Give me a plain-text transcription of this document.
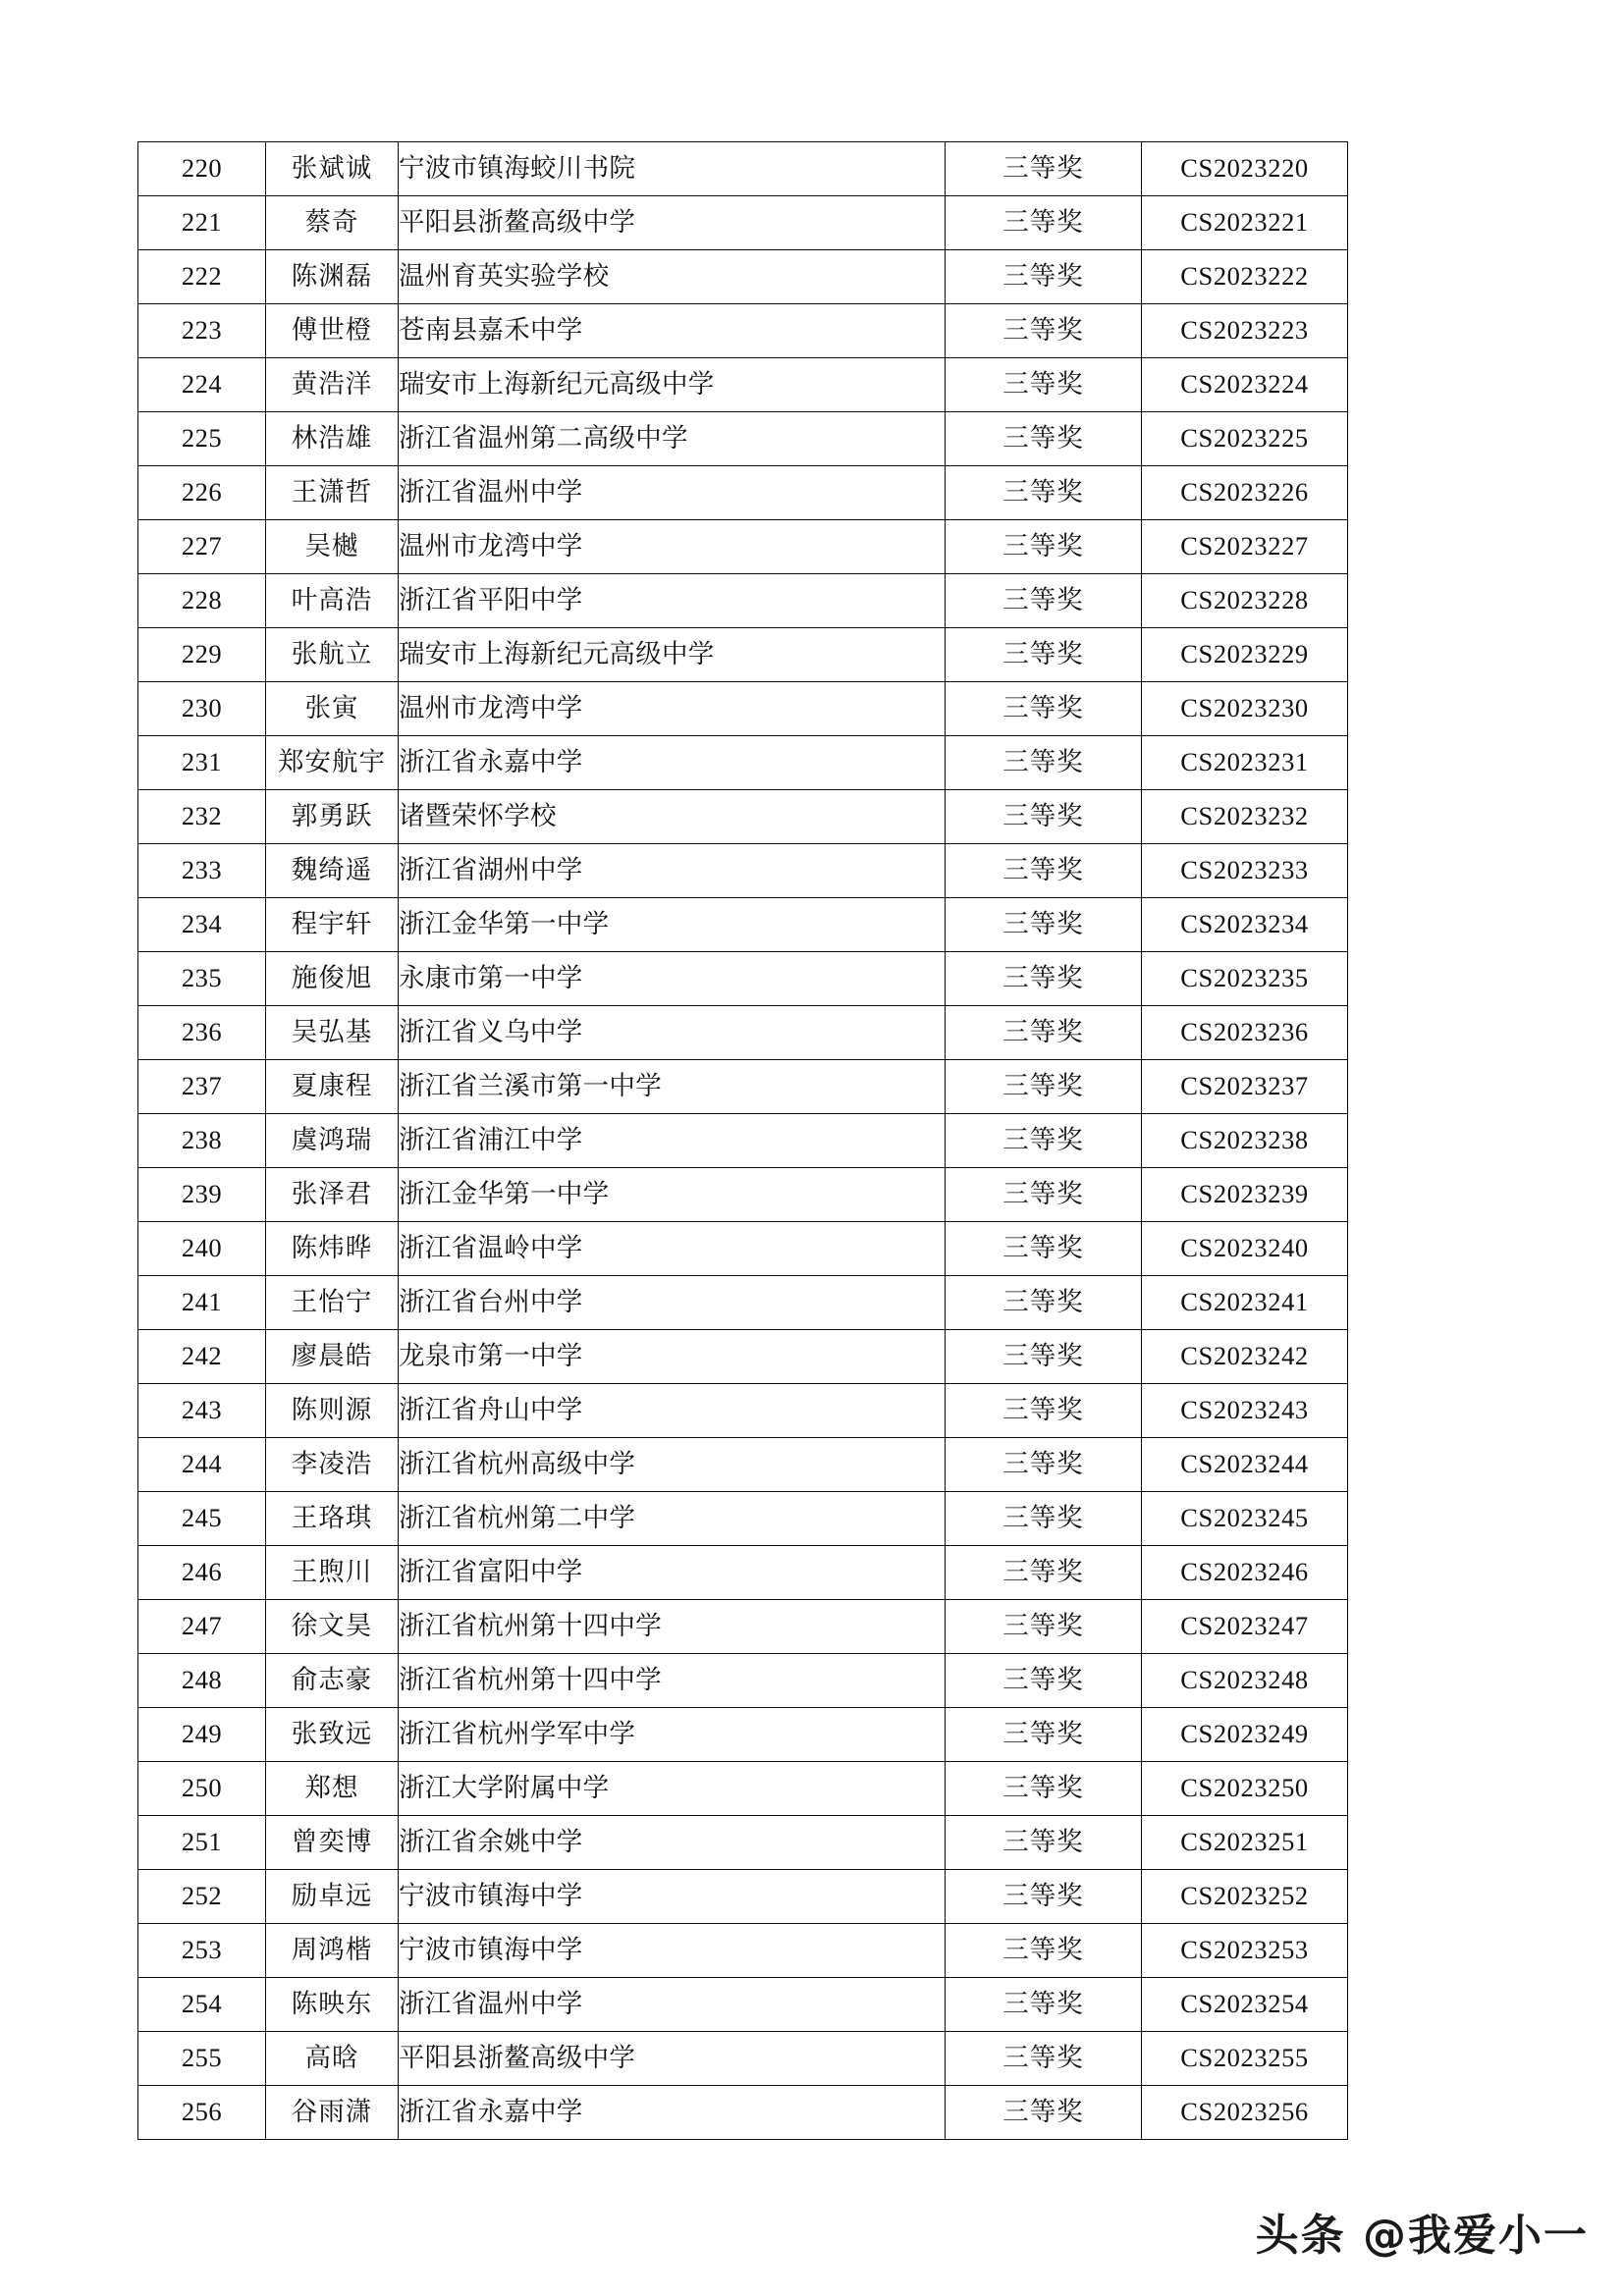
220	张斌诚	宁波市镇海蛟川书院	三等奖	CS2023220
221	蔡奇	平阳县浙鳌高级中学	三等奖	CS2023221
222	陈渊磊	温州育英实验学校	三等奖	CS2023222
223	傅世橙	苍南县嘉禾中学	三等奖	CS2023223
224	黄浩洋	瑞安市上海新纪元高级中学	三等奖	CS2023224
225	林浩雄	浙江省温州第二高级中学	三等奖	CS2023225
226	王潇哲	浙江省温州中学	三等奖	CS2023226
227	吴樾	温州市龙湾中学	三等奖	CS2023227
228	叶高浩	浙江省平阳中学	三等奖	CS2023228
229	张航立	瑞安市上海新纪元高级中学	三等奖	CS2023229
230	张寅	温州市龙湾中学	三等奖	CS2023230
231	郑安航宇	浙江省永嘉中学	三等奖	CS2023231
232	郭勇跃	诸暨荣怀学校	三等奖	CS2023232
233	魏绮遥	浙江省湖州中学	三等奖	CS2023233
234	程宇轩	浙江金华第一中学	三等奖	CS2023234
235	施俊旭	永康市第一中学	三等奖	CS2023235
236	吴弘基	浙江省义乌中学	三等奖	CS2023236
237	夏康程	浙江省兰溪市第一中学	三等奖	CS2023237
238	虞鸿瑞	浙江省浦江中学	三等奖	CS2023238
239	张泽君	浙江金华第一中学	三等奖	CS2023239
240	陈炜晔	浙江省温岭中学	三等奖	CS2023240
241	王怡宁	浙江省台州中学	三等奖	CS2023241
242	廖晨皓	龙泉市第一中学	三等奖	CS2023242
243	陈则源	浙江省舟山中学	三等奖	CS2023243
244	李凌浩	浙江省杭州高级中学	三等奖	CS2023244
245	王珞琪	浙江省杭州第二中学	三等奖	CS2023245
246	王煦川	浙江省富阳中学	三等奖	CS2023246
247	徐文昊	浙江省杭州第十四中学	三等奖	CS2023247
248	俞志豪	浙江省杭州第十四中学	三等奖	CS2023248
249	张致远	浙江省杭州学军中学	三等奖	CS2023249
250	郑想	浙江大学附属中学	三等奖	CS2023250
251	曾奕博	浙江省余姚中学	三等奖	CS2023251
252	励卓远	宁波市镇海中学	三等奖	CS2023252
253	周鸿楷	宁波市镇海中学	三等奖	CS2023253
254	陈映东	浙江省温州中学	三等奖	CS2023254
255	高晗	平阳县浙鳌高级中学	三等奖	CS2023255
256	谷雨潇	浙江省永嘉中学	三等奖	CS2023256
头条 @我爱小一
